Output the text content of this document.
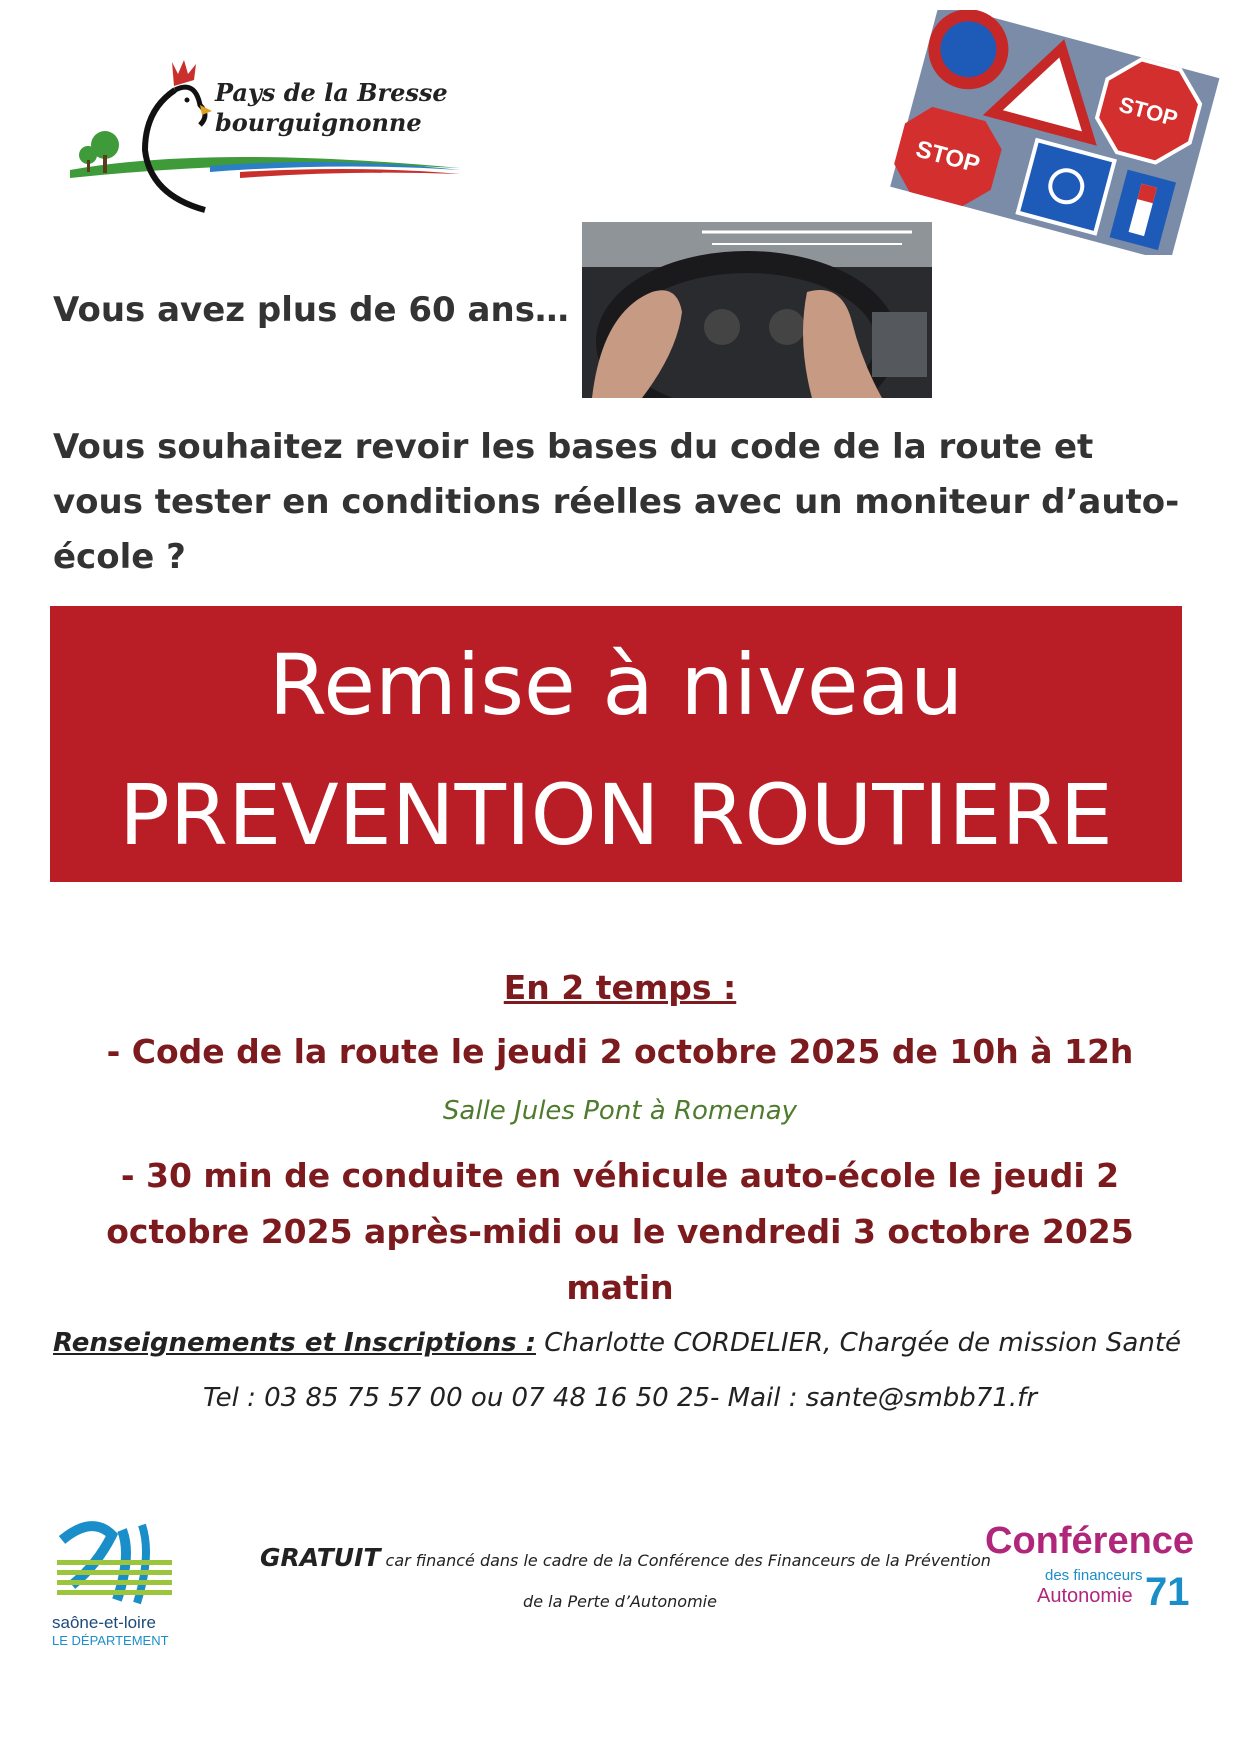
Pays de la Bresse
bourguignonne	STOP
STOP
Vous avez plus de 60 ans…
Vous souhaitez revoir les bases du code de la route et vous tester en conditions réelles avec un moniteur d’auto-école ?
Remise à niveau
PREVENTION ROUTIERE
En 2 temps :
- Code de la route le jeudi 2 octobre 2025 de 10h à 12h
Salle Jules Pont à Romenay
- 30 min de conduite en véhicule auto-école le jeudi 2 octobre 2025 après-midi ou le vendredi 3 octobre 2025 matin
Renseignements et Inscriptions : Charlotte CORDELIER, Chargée de mission Santé
Tel : 03 85 75 57 00 ou 07 48 16 50 25- Mail : sante@smbb71.fr
saône-et-loire
LE DÉPARTEMENT
GRATUIT car financé dans le cadre de la Conférence des Financeurs de la Prévention
de la Perte d’Autonomie
Conférence
des financeurs
Autonomie 71
